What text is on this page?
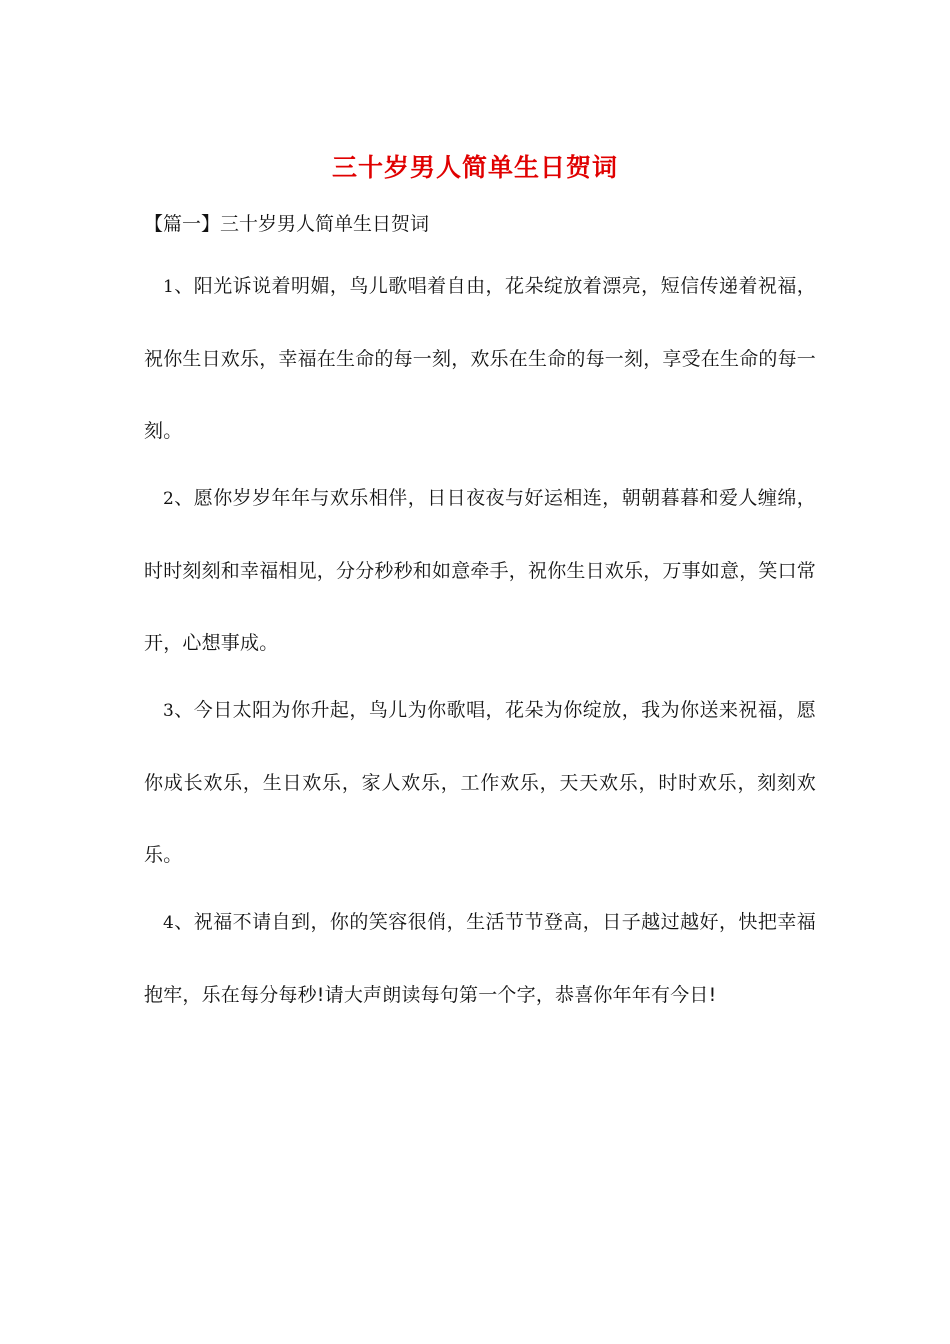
三十岁男人简单生日贺词
【篇一】三十岁男人简单生日贺词
1、阳光诉说着明媚，鸟儿歌唱着自由，花朵绽放着漂亮，短信传递着祝福，祝你生日欢乐，幸福在生命的每一刻，欢乐在生命的每一刻，享受在生命的每一刻。
2、愿你岁岁年年与欢乐相伴，日日夜夜与好运相连，朝朝暮暮和爱人缠绵，时时刻刻和幸福相见，分分秒秒和如意牵手，祝你生日欢乐，万事如意，笑口常开，心想事成。
3、今日太阳为你升起，鸟儿为你歌唱，花朵为你绽放，我为你送来祝福，愿你成长欢乐，生日欢乐，家人欢乐，工作欢乐，天天欢乐，时时欢乐，刻刻欢乐。
4、祝福不请自到，你的笑容很俏，生活节节登高，日子越过越好，快把幸福抱牢，乐在每分每秒!请大声朗读每句第一个字，恭喜你年年有今日!
